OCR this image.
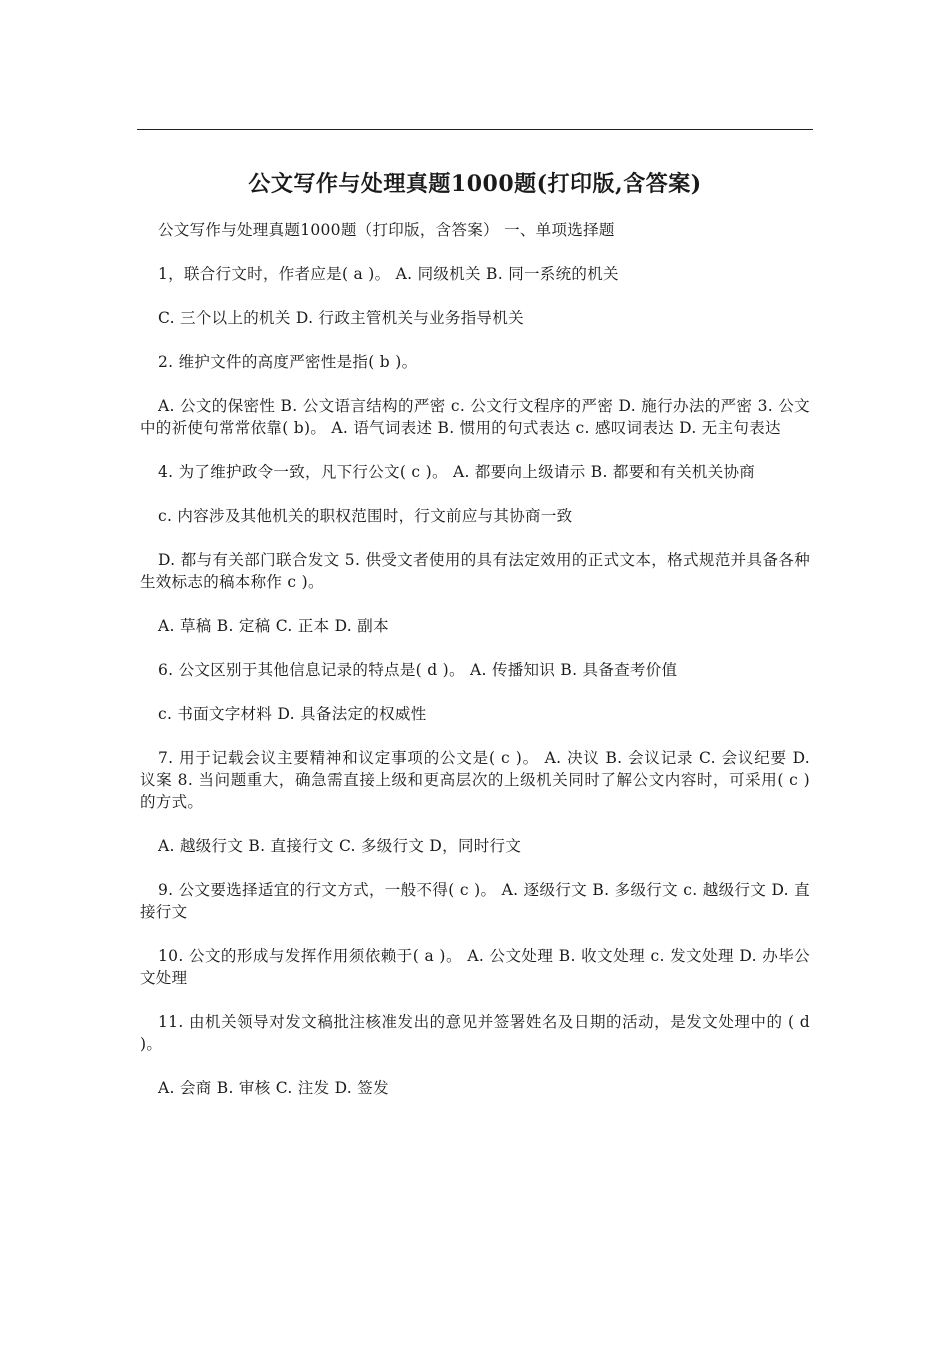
公文写作与处理真题1000题(打印版,含答案)

公文写作与处理真题1000题（打印版，含答案） 一、单项选择题

1，联合行文时，作者应是( a )。 A. 同级机关 B. 同一系统的机关

C. 三个以上的机关 D. 行政主管机关与业务指导机关

2. 维护文件的高度严密性是指( b )。

A. 公文的保密性 B. 公文语言结构的严密 c. 公文行文程序的严密 D. 施行办法的严密 3. 公文中的祈使句常常依靠( b)。 A. 语气词表述 B. 惯用的句式表达 c. 感叹词表达 D. 无主句表达

4. 为了维护政令一致，凡下行公文( c )。 A. 都要向上级请示 B. 都要和有关机关协商

c. 内容涉及其他机关的职权范围时，行文前应与其协商一致

D. 都与有关部门联合发文 5. 供受文者使用的具有法定效用的正式文本，格式规范并具备各种生效标志的稿本称作 c )。

A. 草稿 B. 定稿 C. 正本 D. 副本

6. 公文区别于其他信息记录的特点是( d )。 A. 传播知识 B. 具备查考价值

c. 书面文字材料 D. 具备法定的权威性

7. 用于记载会议主要精神和议定事项的公文是( c )。 A. 决议 B. 会议记录 C. 会议纪要 D. 议案 8. 当问题重大，确急需直接上级和更高层次的上级机关同时了解公文内容时，可采用( c ) 的方式。

A. 越级行文 B. 直接行文 C. 多级行文 D，同时行文

9. 公文要选择适宜的行文方式，一般不得( c )。 A. 逐级行文 B. 多级行文 c. 越级行文 D. 直接行文

10. 公文的形成与发挥作用须依赖于( a )。 A. 公文处理 B. 收文处理 c. 发文处理 D. 办毕公文处理

11. 由机关领导对发文稿批注核准发出的意见并签署姓名及日期的活动，是发文处理中的 ( d )。

A. 会商 B. 审核 C. 注发 D. 签发
